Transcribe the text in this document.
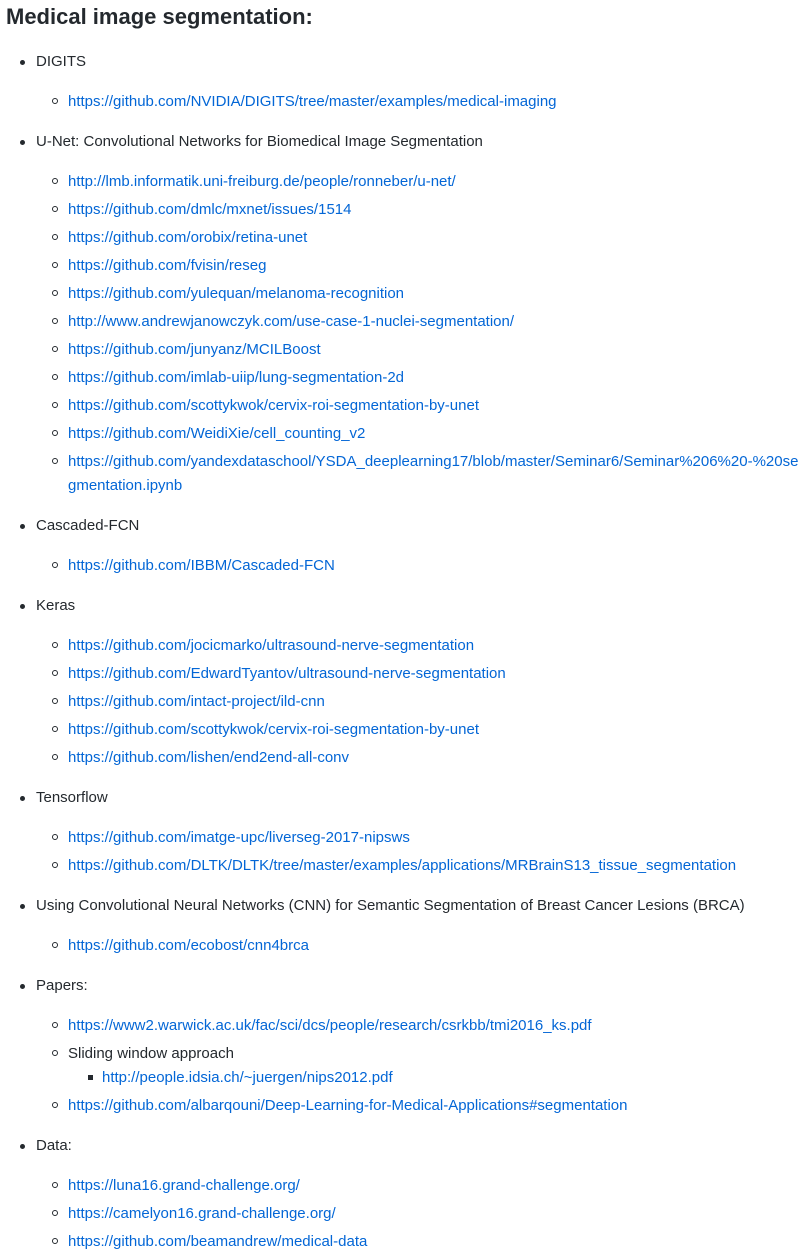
Medical image segmentation:
DIGITS
https://github.com/NVIDIA/DIGITS/tree/master/examples/medical-imaging
U-Net: Convolutional Networks for Biomedical Image Segmentation
http://lmb.informatik.uni-freiburg.de/people/ronneber/u-net/
https://github.com/dmlc/mxnet/issues/1514
https://github.com/orobix/retina-unet
https://github.com/fvisin/reseg
https://github.com/yulequan/melanoma-recognition
http://www.andrewjanowczyk.com/use-case-1-nuclei-segmentation/
https://github.com/junyanz/MCILBoost
https://github.com/imlab-uiip/lung-segmentation-2d
https://github.com/scottykwok/cervix-roi-segmentation-by-unet
https://github.com/WeidiXie/cell_counting_v2
https://github.com/yandexdataschool/YSDA_deeplearning17/blob/master/Seminar6/Seminar%206%20-%20segmentation.ipynb
Cascaded-FCN
https://github.com/IBBM/Cascaded-FCN
Keras
https://github.com/jocicmarko/ultrasound-nerve-segmentation
https://github.com/EdwardTyantov/ultrasound-nerve-segmentation
https://github.com/intact-project/ild-cnn
https://github.com/scottykwok/cervix-roi-segmentation-by-unet
https://github.com/lishen/end2end-all-conv
Tensorflow
https://github.com/imatge-upc/liverseg-2017-nipsws
https://github.com/DLTK/DLTK/tree/master/examples/applications/MRBrainS13_tissue_segmentation
Using Convolutional Neural Networks (CNN) for Semantic Segmentation of Breast Cancer Lesions (BRCA)
https://github.com/ecobost/cnn4brca
Papers:
https://www2.warwick.ac.uk/fac/sci/dcs/people/research/csrkbb/tmi2016_ks.pdf
Sliding window approach
http://people.idsia.ch/~juergen/nips2012.pdf
https://github.com/albarqouni/Deep-Learning-for-Medical-Applications#segmentation
Data:
https://luna16.grand-challenge.org/
https://camelyon16.grand-challenge.org/
https://github.com/beamandrew/medical-data
